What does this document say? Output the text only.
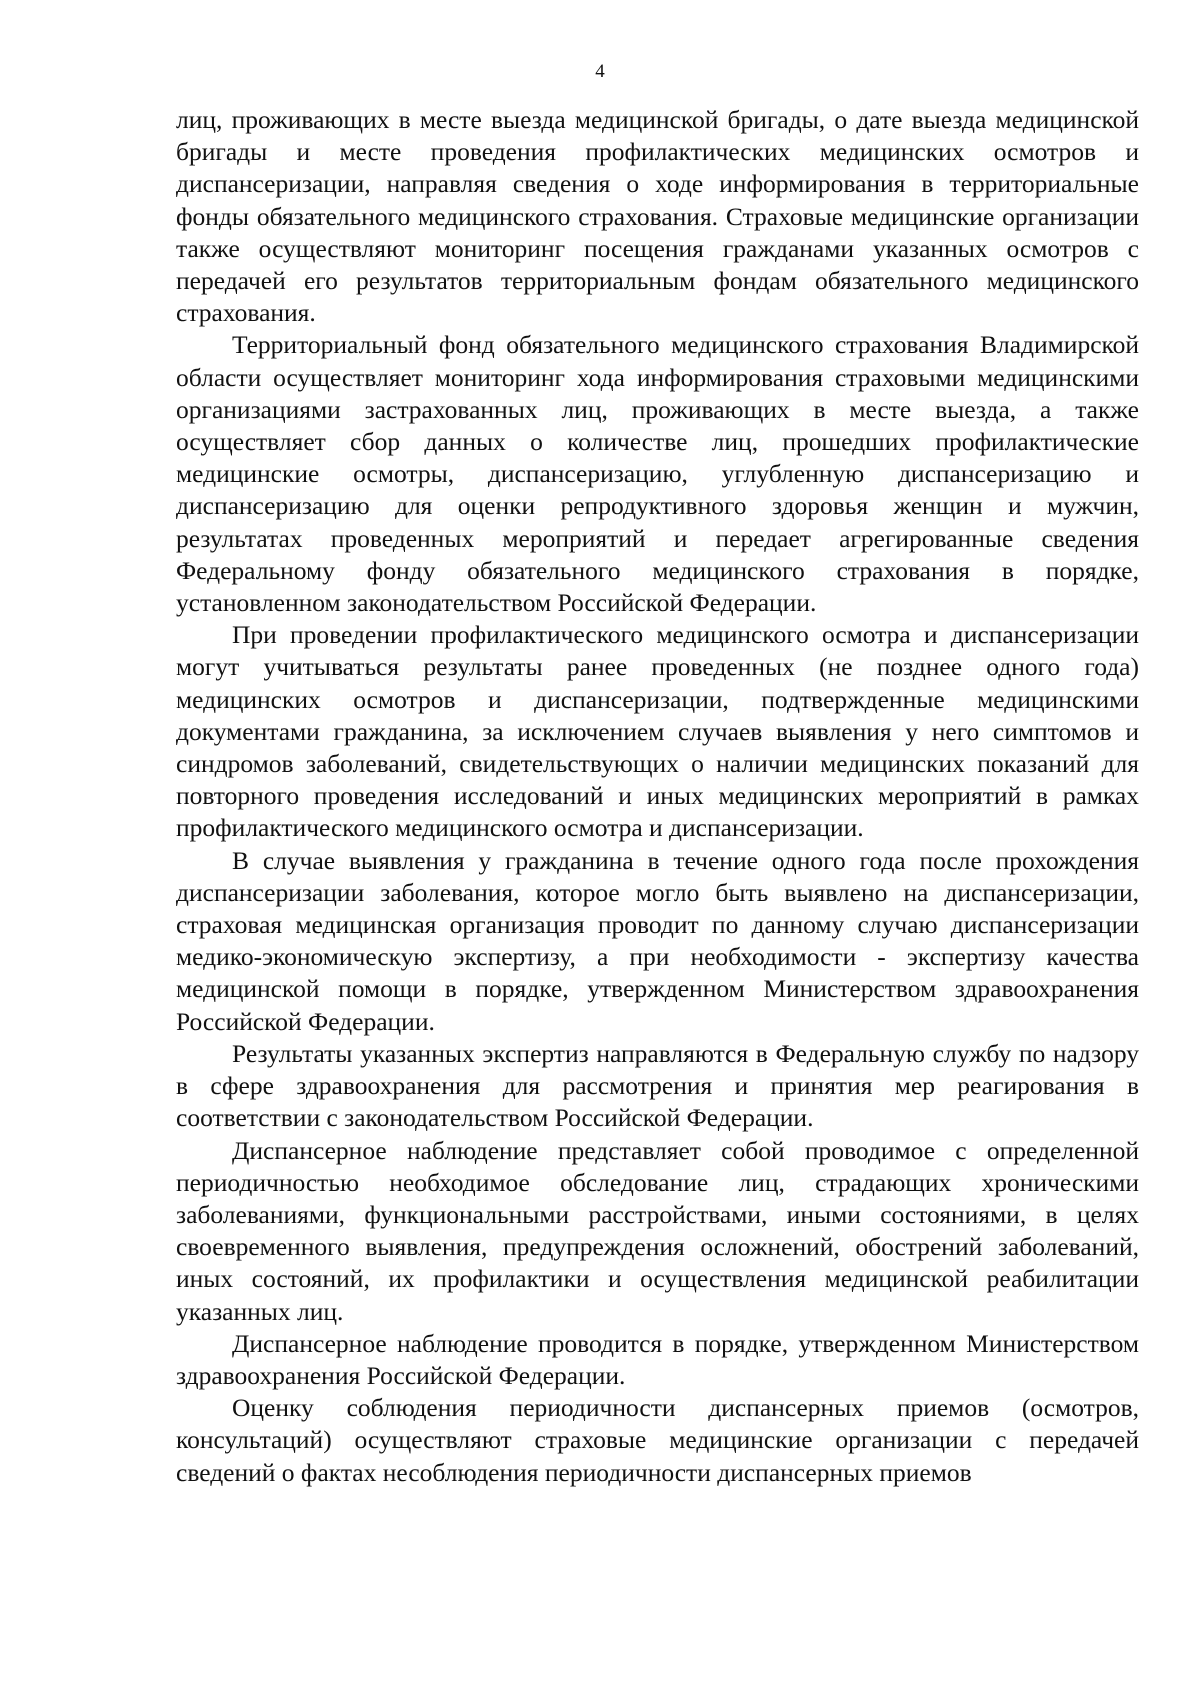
4

лиц, проживающих в месте выезда медицинской бригады, о дате выезда медицинской бригады и месте проведения профилактических медицинских осмотров и диспансеризации, направляя сведения о ходе информирования в территориальные фонды обязательного медицинского страхования. Страховые медицинские организации также осуществляют мониторинг посещения гражданами указанных осмотров с передачей его результатов территориальным фондам обязательного медицинского страхования.

Территориальный фонд обязательного медицинского страхования Владимирской области осуществляет мониторинг хода информирования страховыми медицинскими организациями застрахованных лиц, проживающих в месте выезда, а также осуществляет сбор данных о количестве лиц, прошедших профилактические медицинские осмотры, диспансеризацию, углубленную диспансеризацию и диспансеризацию для оценки репродуктивного здоровья женщин и мужчин, результатах проведенных мероприятий и передает агрегированные сведения Федеральному фонду обязательного медицинского страхования в порядке, установленном законодательством Российской Федерации.

При проведении профилактического медицинского осмотра и диспансеризации могут учитываться результаты ранее проведенных (не позднее одного года) медицинских осмотров и диспансеризации, подтвержденные медицинскими документами гражданина, за исключением случаев выявления у него симптомов и синдромов заболеваний, свидетельствующих о наличии медицинских показаний для повторного проведения исследований и иных медицинских мероприятий в рамках профилактического медицинского осмотра и диспансеризации.

В случае выявления у гражданина в течение одного года после прохождения диспансеризации заболевания, которое могло быть выявлено на диспансеризации, страховая медицинская организация проводит по данному случаю диспансеризации медико-экономическую экспертизу, а при необходимости - экспертизу качества медицинской помощи в порядке, утвержденном Министерством здравоохранения Российской Федерации.

Результаты указанных экспертиз направляются в Федеральную службу по надзору в сфере здравоохранения для рассмотрения и принятия мер реагирования в соответствии с законодательством Российской Федерации.

Диспансерное наблюдение представляет собой проводимое с определенной периодичностью необходимое обследование лиц, страдающих хроническими заболеваниями, функциональными расстройствами, иными состояниями, в целях своевременного выявления, предупреждения осложнений, обострений заболеваний, иных состояний, их профилактики и осуществления медицинской реабилитации указанных лиц.

Диспансерное наблюдение проводится в порядке, утвержденном Министерством здравоохранения Российской Федерации.

Оценку соблюдения периодичности диспансерных приемов (осмотров, консультаций) осуществляют страховые медицинские организации с передачей сведений о фактах несоблюдения периодичности диспансерных приемов
